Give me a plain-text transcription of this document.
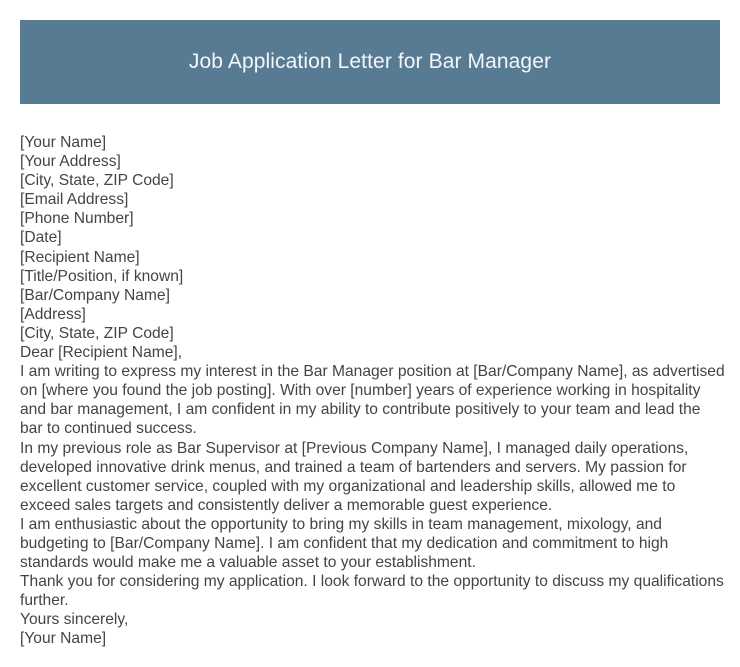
Job Application Letter for Bar Manager

[Your Name]

[Your Address]

[City, State, ZIP Code]

[Email Address]

[Phone Number]

[Date]

[Recipient Name]

[Title/Position, if known]

[Bar/Company Name]

[Address]

[City, State, ZIP Code]

Dear [Recipient Name],

I am writing to express my interest in the Bar Manager position at [Bar/Company Name], as advertised on [where you found the job posting]. With over [number] years of experience working in hospitality and bar management, I am confident in my ability to contribute positively to your team and lead the bar to continued success.

In my previous role as Bar Supervisor at [Previous Company Name], I managed daily operations, developed innovative drink menus, and trained a team of bartenders and servers. My passion for excellent customer service, coupled with my organizational and leadership skills, allowed me to exceed sales targets and consistently deliver a memorable guest experience.

I am enthusiastic about the opportunity to bring my skills in team management, mixology, and budgeting to [Bar/Company Name]. I am confident that my dedication and commitment to high standards would make me a valuable asset to your establishment.

Thank you for considering my application. I look forward to the opportunity to discuss my qualifications further.

Yours sincerely,

[Your Name]
